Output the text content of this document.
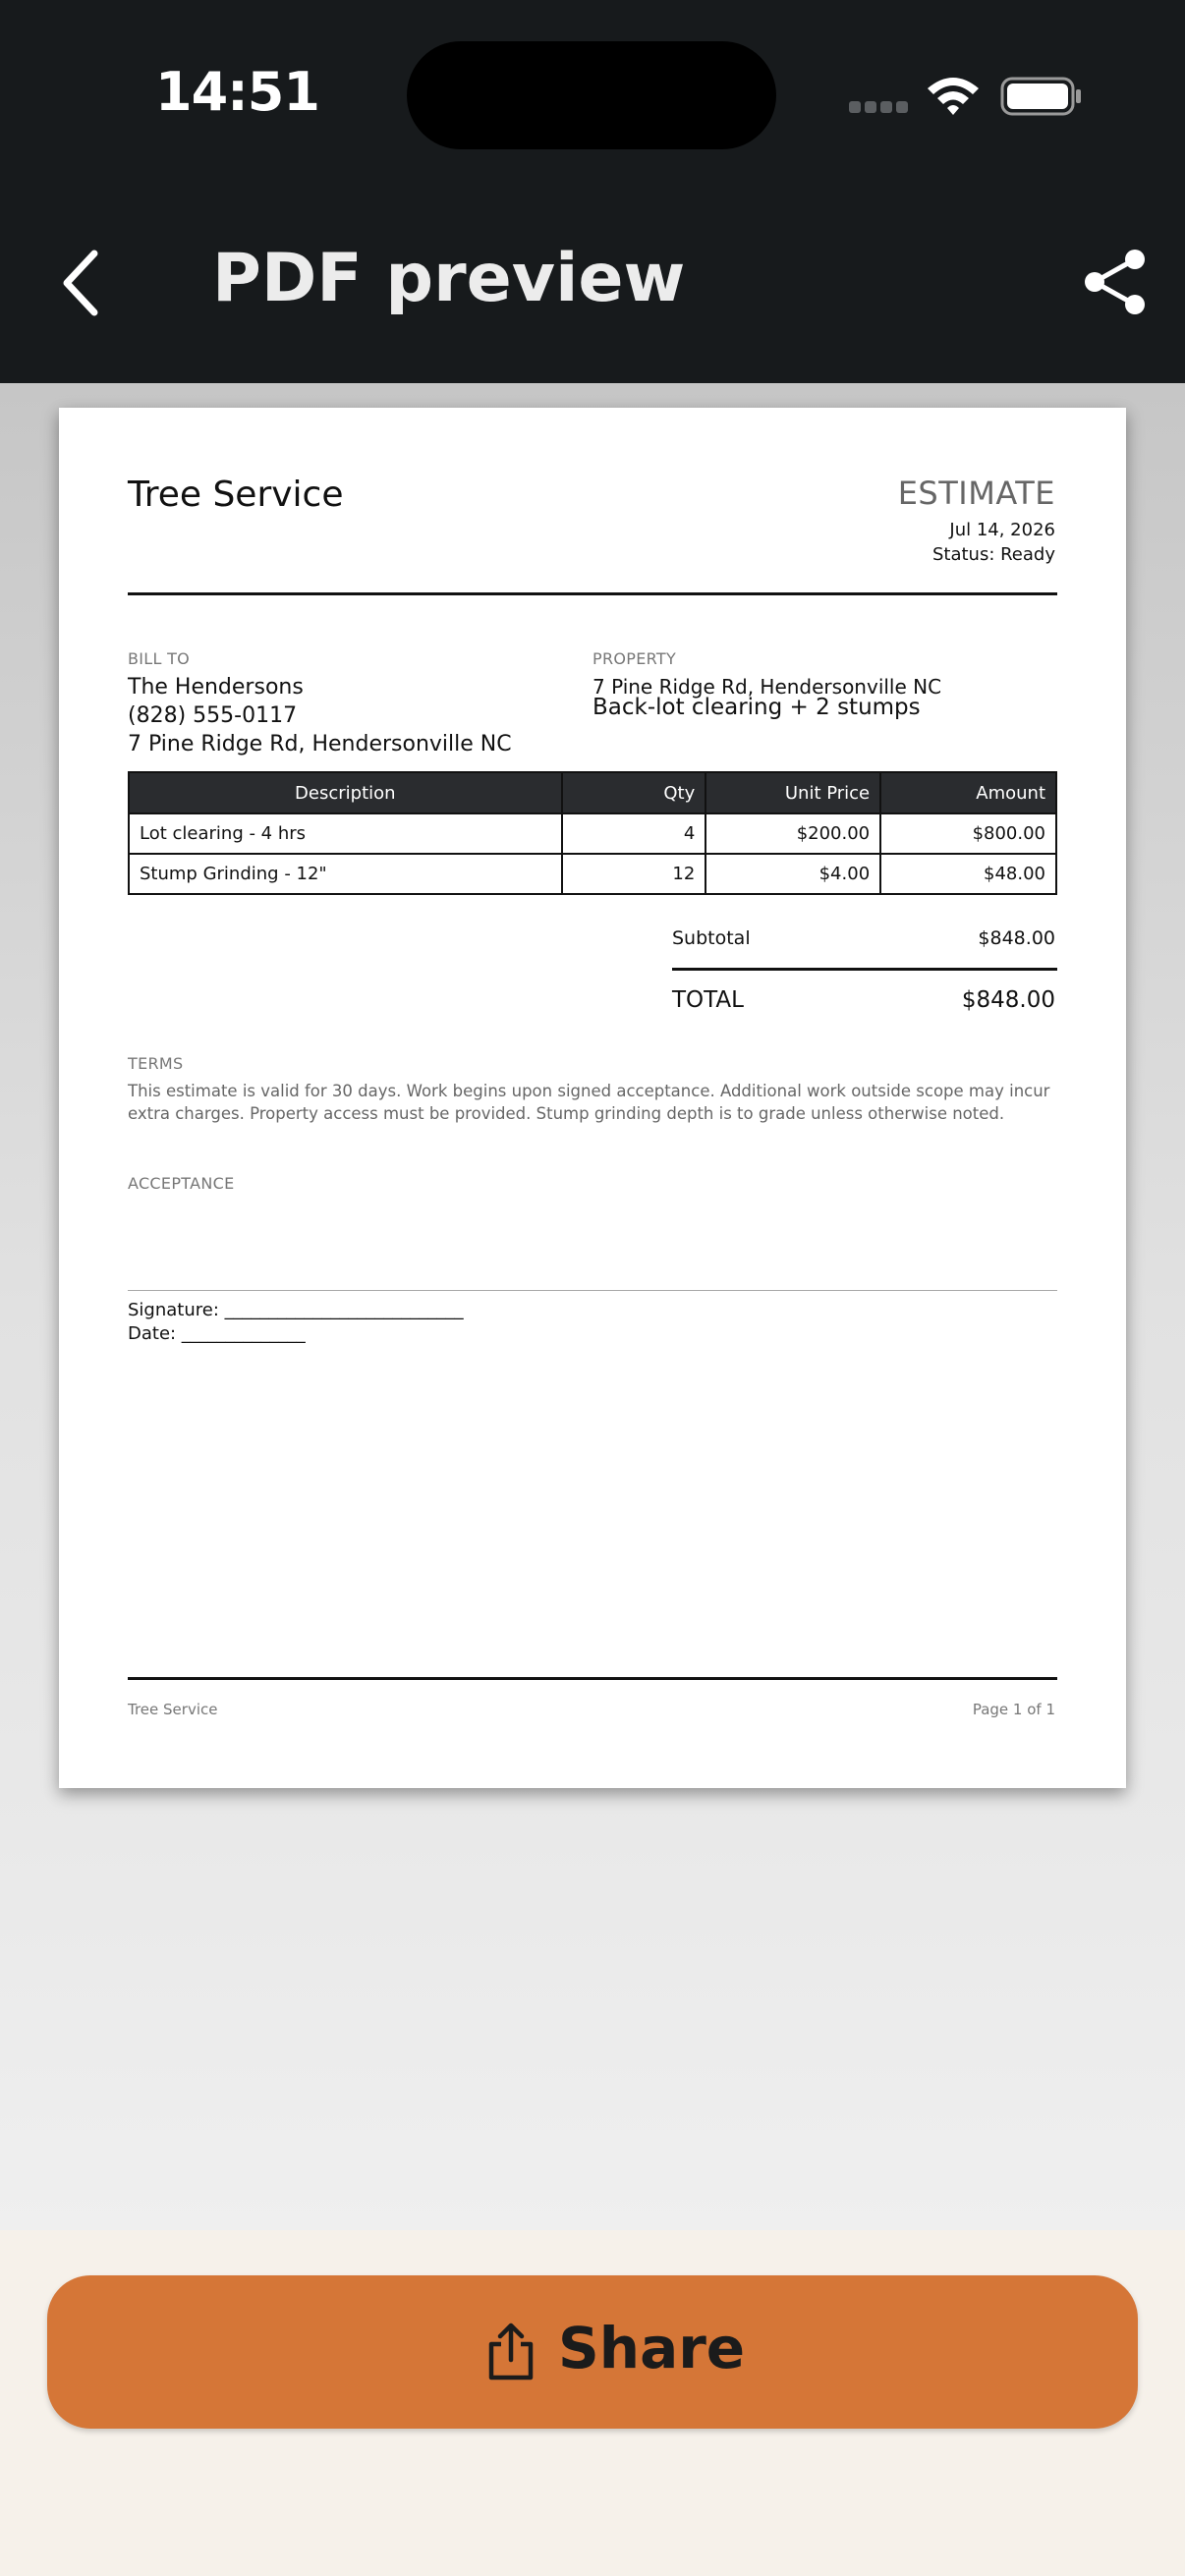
14:51
PDF preview
Tree Service	ESTIMATE
Jul 14, 2026
Status: Ready
BILL TO
The Hendersons
(828) 555-0117
7 Pine Ridge Rd, Hendersonville NC
PROPERTY
7 Pine Ridge Rd, Hendersonville NC
Back-lot clearing + 2 stumps
Description	Qty	Unit Price	Amount
Lot clearing - 4 hrs	4	$200.00	$800.00
Stump Grinding - 12"	12	$4.00	$48.00
Subtotal	$848.00
TOTAL	$848.00
TERMS
This estimate is valid for 30 days. Work begins upon signed acceptance. Additional work outside scope may incur extra charges. Property access must be provided. Stump grinding depth is to grade unless otherwise noted.
ACCEPTANCE
Signature: ___________________________
Date: ______________
Tree Service	Page 1 of 1
Share
